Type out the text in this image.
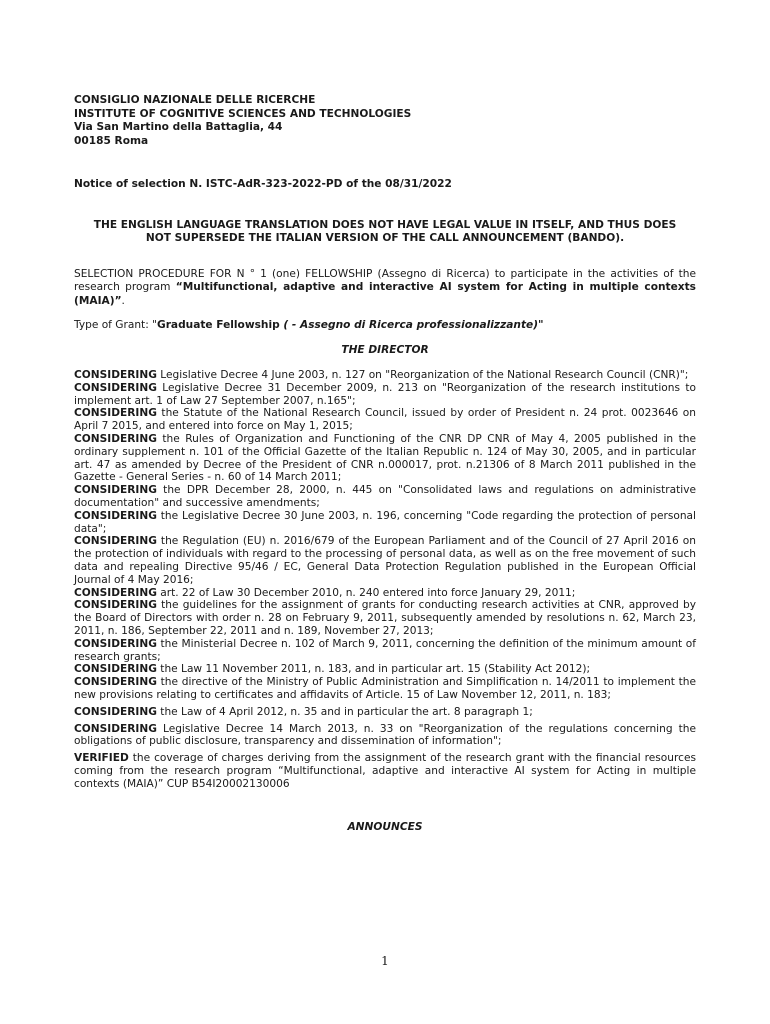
CONSIGLIO NAZIONALE DELLE RICERCHE

INSTITUTE OF COGNITIVE SCIENCES AND TECHNOLOGIES

Via San Martino della Battaglia, 44

00185 Roma

Notice of selection N. ISTC-AdR-323-2022-PD of the 08/31/2022
THE ENGLISH LANGUAGE TRANSLATION DOES NOT HAVE LEGAL VALUE IN ITSELF, AND THUS DOES NOT SUPERSEDE THE ITALIAN VERSION OF THE CALL ANNOUNCEMENT (BANDO).
SELECTION PROCEDURE FOR N ° 1 (one) FELLOWSHIP (Assegno di Ricerca) to participate in the activities of the research program “Multifunctional, adaptive and interactive AI system for Acting in multiple contexts (MAIA)”.
Type of Grant: "Graduate Fellowship ( - Assegno di Ricerca professionalizzante)"
THE DIRECTOR

CONSIDERING Legislative Decree 4 June 2003, n. 127 on "Reorganization of the National Research Council (CNR)";

CONSIDERING Legislative Decree 31 December 2009, n. 213 on "Reorganization of the research institutions to implement art. 1 of Law 27 September 2007, n.165";

CONSIDERING the Statute of the National Research Council, issued by order of President n. 24 prot. 0023646 on April 7 2015, and entered into force on May 1, 2015;

CONSIDERING the Rules of Organization and Functioning of the CNR DP CNR of May 4, 2005 published in the ordinary supplement n. 101 of the Official Gazette of the Italian Republic n. 124 of May 30, 2005, and in particular art. 47 as amended by Decree of the President of CNR n.000017, prot. n.21306 of 8 March 2011 published in the Gazette - General Series - n. 60 of 14 March 2011;

CONSIDERING the DPR December 28, 2000, n. 445 on "Consolidated laws and regulations on administrative documentation" and successive amendments;

CONSIDERING the Legislative Decree 30 June 2003, n. 196, concerning "Code regarding the protection of personal data";

CONSIDERING the Regulation (EU) n. 2016/679 of the European Parliament and of the Council of 27 April 2016 on the protection of individuals with regard to the processing of personal data, as well as on the free movement of such data and repealing Directive 95/46 / EC, General Data Protection Regulation published in the European Official Journal of 4 May 2016;

CONSIDERING art. 22 of Law 30 December 2010, n. 240 entered into force January 29, 2011;

CONSIDERING the guidelines for the assignment of grants for conducting research activities at CNR, approved by the Board of Directors with order n. 28 on February 9, 2011, subsequently amended by resolutions n. 62, March 23, 2011, n. 186, September 22, 2011 and n. 189, November 27, 2013;

CONSIDERING the Ministerial Decree n. 102 of March 9, 2011, concerning the definition of the minimum amount of research grants;

CONSIDERING the Law 11 November 2011, n. 183, and in particular art. 15 (Stability Act 2012);

CONSIDERING the directive of the Ministry of Public Administration and Simplification n. 14/2011 to implement the new provisions relating to certificates and affidavits of Article. 15 of Law November 12, 2011, n. 183;

CONSIDERING the Law of 4 April 2012, n. 35 and in particular the art. 8 paragraph 1;

CONSIDERING Legislative Decree 14 March 2013, n. 33 on "Reorganization of the regulations concerning the obligations of public disclosure, transparency and dissemination of information";

VERIFIED the coverage of charges deriving from the assignment of the research grant with the financial resources coming from the research program “Multifunctional, adaptive and interactive AI system for Acting in multiple contexts (MAIA)” CUP B54I20002130006

ANNOUNCES
1
